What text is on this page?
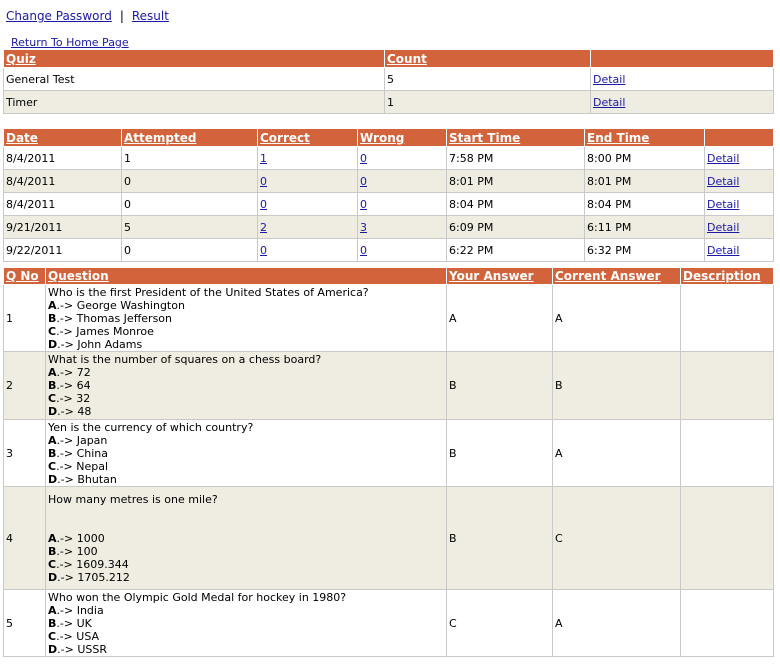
Change Password | Result
Return To Home Page
Quiz	Count	
General Test	5	Detail
Timer	1	Detail
Date	Attempted	Correct	Wrong	Start Time	End Time	
8/4/2011	1	1	0	7:58 PM	8:00 PM	Detail
8/4/2011	0	0	0	8:01 PM	8:01 PM	Detail
8/4/2011	0	0	0	8:04 PM	8:04 PM	Detail
9/21/2011	5	2	3	6:09 PM	6:11 PM	Detail
9/22/2011	0	0	0	6:22 PM	6:32 PM	Detail
Q No	Question	Your Answer	Corrent Answer	Description
1	Who is the first President of the United States of America?
A.-> George Washington
B.-> Thomas Jefferson
C.-> James Monroe
D.-> John Adams	A	A	
2	What is the number of squares on a chess board?
A.-> 72
B.-> 64
C.-> 32
D.-> 48	B	B	
3	Yen is the currency of which country?
A.-> Japan
B.-> China
C.-> Nepal
D.-> Bhutan	B	A	
4	How many metres is one mile?
A.-> 1000
B.-> 100
C.-> 1609.344
D.-> 1705.212	B	C	
5	Who won the Olympic Gold Medal for hockey in 1980?
A.-> India
B.-> UK
C.-> USA
D.-> USSR	C	A	
